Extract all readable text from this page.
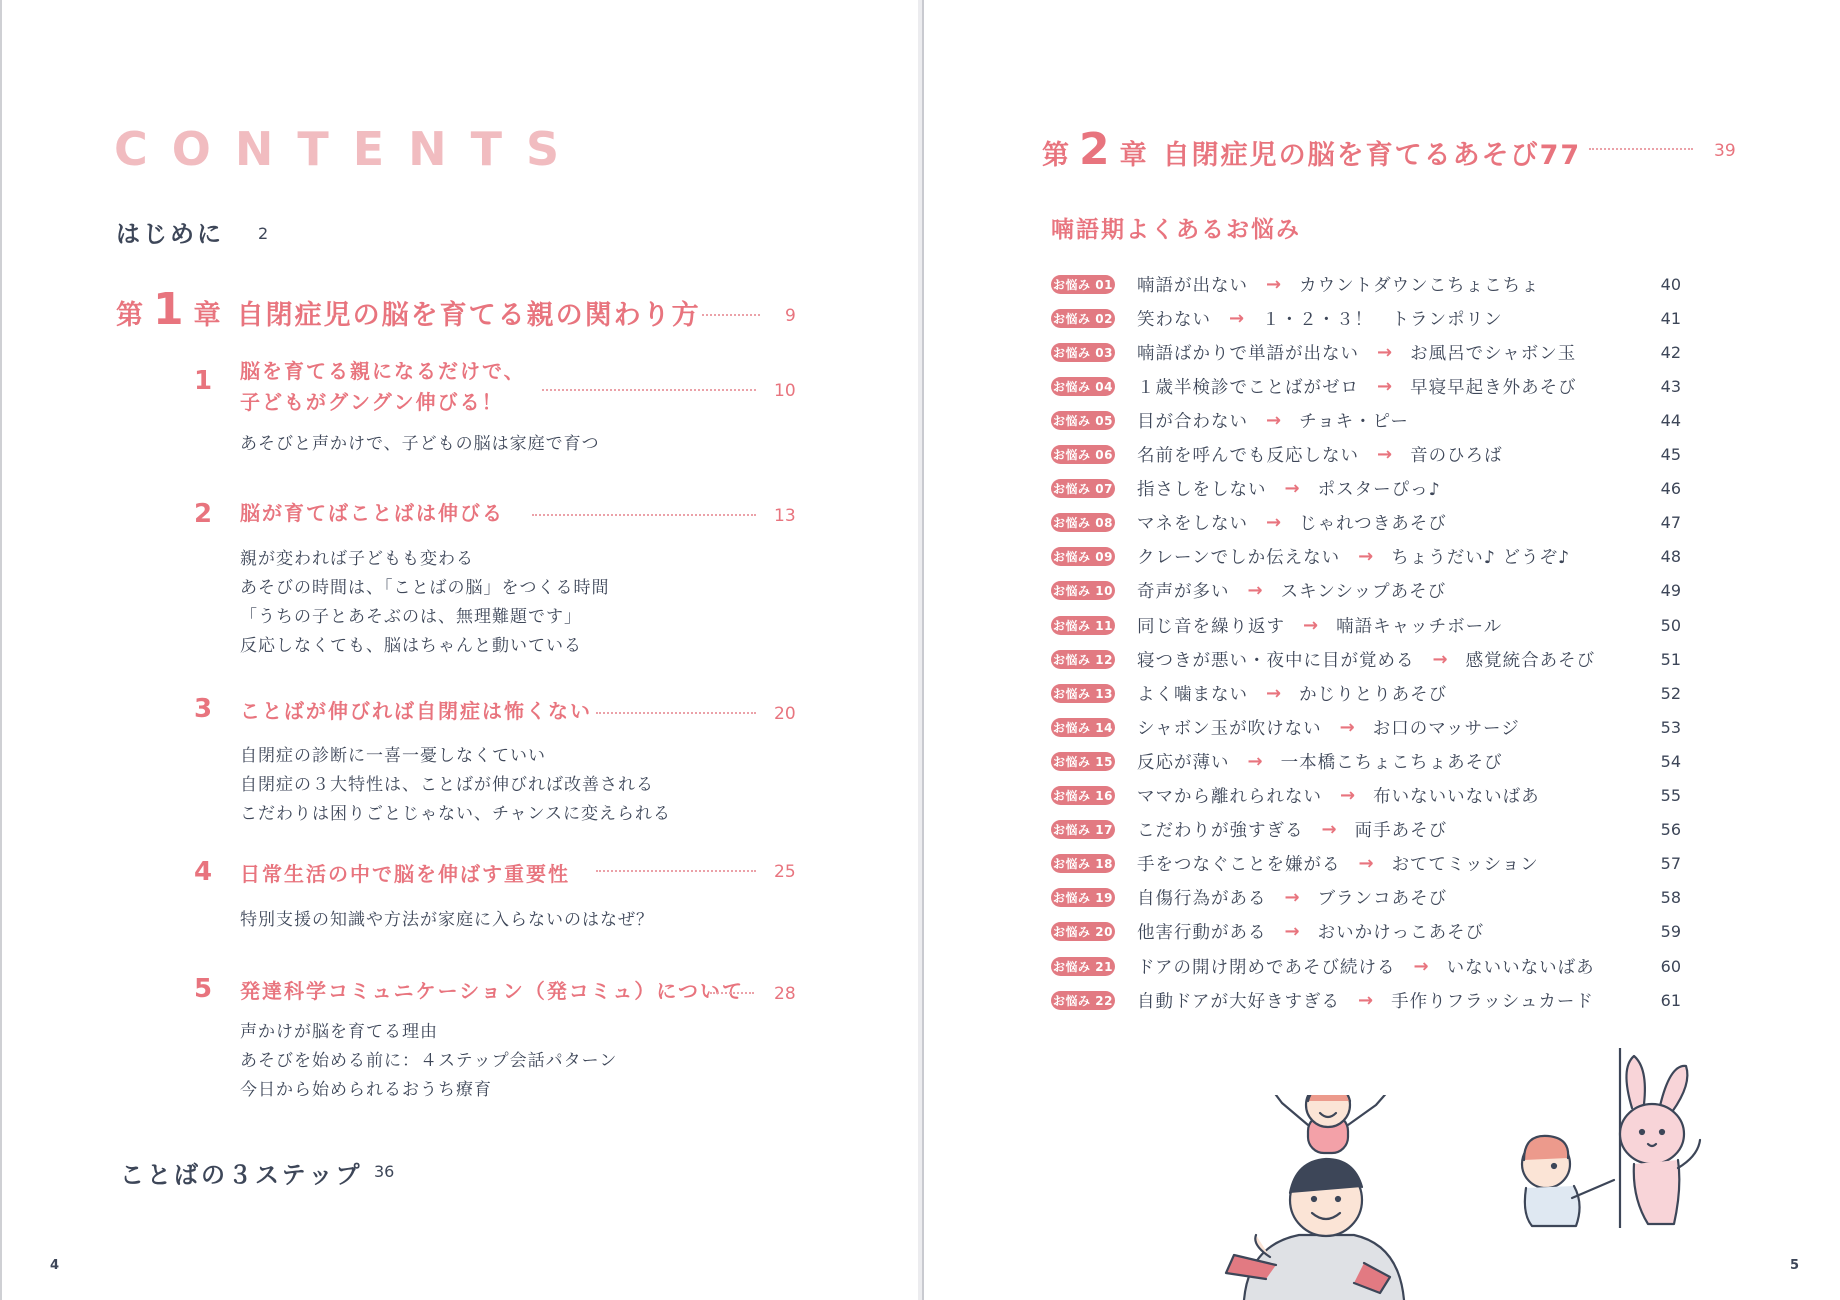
CONTENTS
はじめに 2
第 1 章 自閉症児の脳を育てる親の関わり方	9
1 脳を育てる親になるだけで、
子どもがグングン伸びる！	10
あそびと声かけで、子どもの脳は家庭で育つ
2 脳が育てばことばは伸びる	13
親が変われば子どもも変わる
あそびの時間は、「ことばの脳」をつくる時間
「うちの子とあそぶのは、無理難題です」
反応しなくても、脳はちゃんと動いている
3 ことばが伸びれば自閉症は怖くない	20
自閉症の診断に一喜一憂しなくていい
自閉症の３大特性は、ことばが伸びれば改善される
こだわりは困りごとじゃない、チャンスに変えられる
4 日常生活の中で脳を伸ばす重要性	25
特別支援の知識や方法が家庭に入らないのはなぜ？
5 発達科学コミュニケーション（発コミュ）について 28
声かけが脳を育てる理由
あそびを始める前に：４ステップ会話パターン
今日から始められるおうち療育
ことばの３ステップ 36
4
第 2 章 自閉症児の脳を育てるあそび77	39
喃語期よくあるお悩み
お悩み 01 喃語が出ない → カウントダウンこちょこちょ	40
お悩み 02 笑わない → １・２・３！　トランポリン	41
お悩み 03 喃語ばかりで単語が出ない → お風呂でシャボン玉	42
お悩み 04 １歳半検診でことばがゼロ → 早寝早起き外あそび	43
お悩み 05 目が合わない → チョキ・ピー	44
お悩み 06 名前を呼んでも反応しない → 音のひろば	45
お悩み 07 指さしをしない → ポスターぴっ♪	46
お悩み 08 マネをしない → じゃれつきあそび	47
お悩み 09 クレーンでしか伝えない → ちょうだい♪ どうぞ♪	48
お悩み 10 奇声が多い → スキンシップあそび	49
お悩み 11 同じ音を繰り返す → 喃語キャッチボール	50
お悩み 12 寝つきが悪い・夜中に目が覚める → 感覚統合あそび	51
お悩み 13 よく噛まない → かじりとりあそび	52
お悩み 14 シャボン玉が吹けない → お口のマッサージ	53
お悩み 15 反応が薄い → 一本橋こちょこちょあそび	54
お悩み 16 ママから離れられない → 布いないいないばあ	55
お悩み 17 こだわりが強すぎる → 両手あそび	56
お悩み 18 手をつなぐことを嫌がる → おててミッション	57
お悩み 19 自傷行為がある → ブランコあそび	58
お悩み 20 他害行動がある → おいかけっこあそび	59
お悩み 21 ドアの開け閉めであそび続ける → いないいないばあ	60
お悩み 22 自動ドアが大好きすぎる → 手作りフラッシュカード	61
5
